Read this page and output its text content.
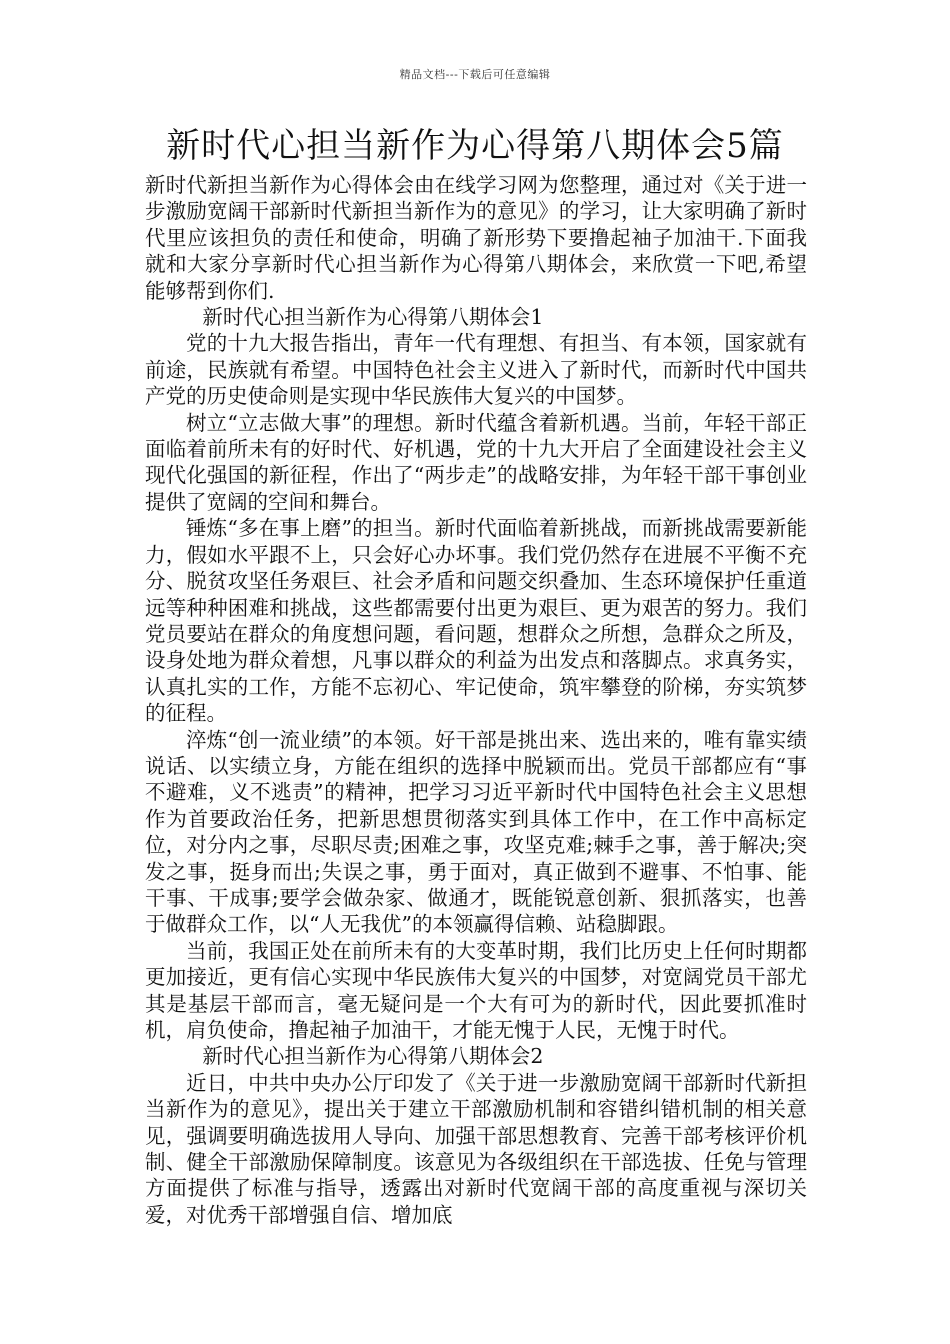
精品文档---下载后可任意编辑
新时代心担当新作为心得第八期体会5篇

新时代新担当新作为心得体会由在线学习网为您整理，通过对《关于进一步激励宽阔干部新时代新担当新作为的意见》的学习，让大家明确了新时代里应该担负的责任和使命，明确了新形势下要撸起袖子加油干.下面我就和大家分享新时代心担当新作为心得第八期体会，来欣赏一下吧,希望能够帮到你们.

新时代心担当新作为心得第八期体会1

党的十九大报告指出，青年一代有理想、有担当、有本领，国家就有前途，民族就有希望。中国特色社会主义进入了新时代，而新时代中国共产党的历史使命则是实现中华民族伟大复兴的中国梦。

树立“立志做大事”的理想。新时代蕴含着新机遇。当前，年轻干部正面临着前所未有的好时代、好机遇，党的十九大开启了全面建设社会主义现代化强国的新征程，作出了“两步走”的战略安排，为年轻干部干事创业提供了宽阔的空间和舞台。

锤炼“多在事上磨”的担当。新时代面临着新挑战，而新挑战需要新能力，假如水平跟不上，只会好心办坏事。我们党仍然存在进展不平衡不充分、脱贫攻坚任务艰巨、社会矛盾和问题交织叠加、生态环境保护任重道远等种种困难和挑战，这些都需要付出更为艰巨、更为艰苦的努力。我们党员要站在群众的角度想问题，看问题，想群众之所想，急群众之所及，设身处地为群众着想，凡事以群众的利益为出发点和落脚点。求真务实，认真扎实的工作，方能不忘初心、牢记使命，筑牢攀登的阶梯，夯实筑梦的征程。

淬炼“创一流业绩”的本领。好干部是挑出来、选出来的，唯有靠实绩说话、以实绩立身，方能在组织的选择中脱颖而出。党员干部都应有“事不避难，义不逃责”的精神，把学习习近平新时代中国特色社会主义思想作为首要政治任务，把新思想贯彻落实到具体工作中，在工作中高标定位，对分内之事，尽职尽责;困难之事，攻坚克难;棘手之事，善于解决;突发之事，挺身而出;失误之事，勇于面对，真正做到不避事、不怕事、能干事、干成事;要学会做杂家、做通才，既能锐意创新、狠抓落实，也善于做群众工作，以“人无我优”的本领赢得信赖、站稳脚跟。

当前，我国正处在前所未有的大变革时期，我们比历史上任何时期都更加接近，更有信心实现中华民族伟大复兴的中国梦，对宽阔党员干部尤其是基层干部而言，毫无疑问是一个大有可为的新时代，因此要抓准时机，肩负使命，撸起袖子加油干，才能无愧于人民，无愧于时代。

新时代心担当新作为心得第八期体会2

近日，中共中央办公厅印发了《关于进一步激励宽阔干部新时代新担当新作为的意见》，提出关于建立干部激励机制和容错纠错机制的相关意见，强调要明确选拔用人导向、加强干部思想教育、完善干部考核评价机制、健全干部激励保障制度。该意见为各级组织在干部选拔、任免与管理方面提供了标准与指导，透露出对新时代宽阔干部的高度重视与深切关爱，对优秀干部增强自信、增加底
